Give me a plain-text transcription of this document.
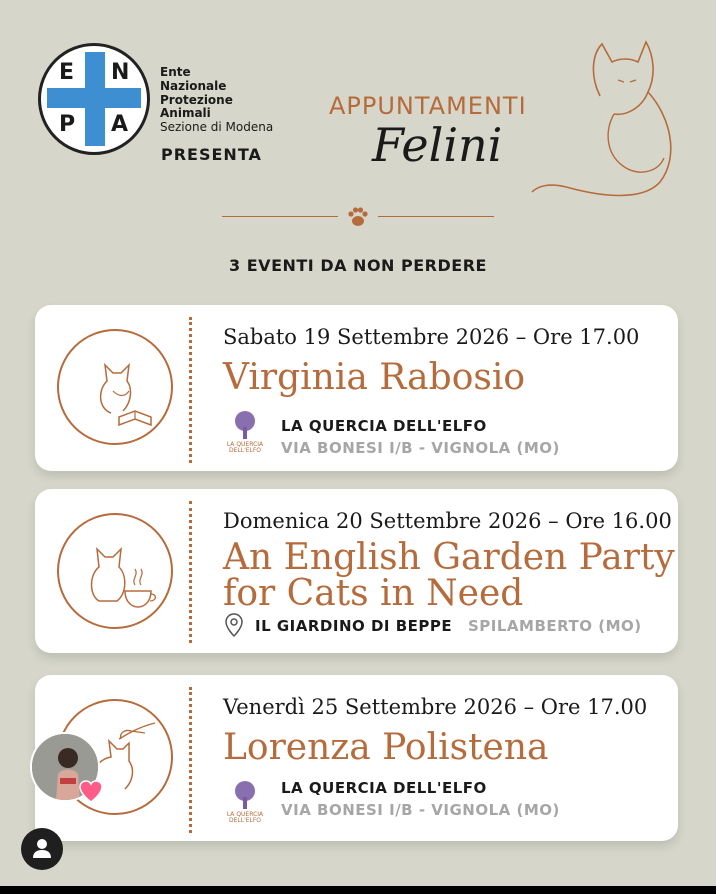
E N
P A
Ente
Nazionale
Protezione
Animali
Sezione di Modena
PRESENTA
APPUNTAMENTI
Felini
3 EVENTI DA NON PERDERE
Sabato 19 Settembre 2026 – Ore 17.00
Virginia Rabosio
LA QUERCIA
DELL'ELFO
LA QUERCIA DELL'ELFO
VIA BONESI I/B - VIGNOLA (MO)
Domenica 20 Settembre 2026 – Ore 16.00
An English Garden Party
for Cats in Need
IL GIARDINO DI BEPPE SPILAMBERTO (MO)
Venerdì 25 Settembre 2026 – Ore 17.00
Lorenza Polistena
LA QUERCIA
DELL'ELFO
LA QUERCIA DELL'ELFO
VIA BONESI I/B - VIGNOLA (MO)
